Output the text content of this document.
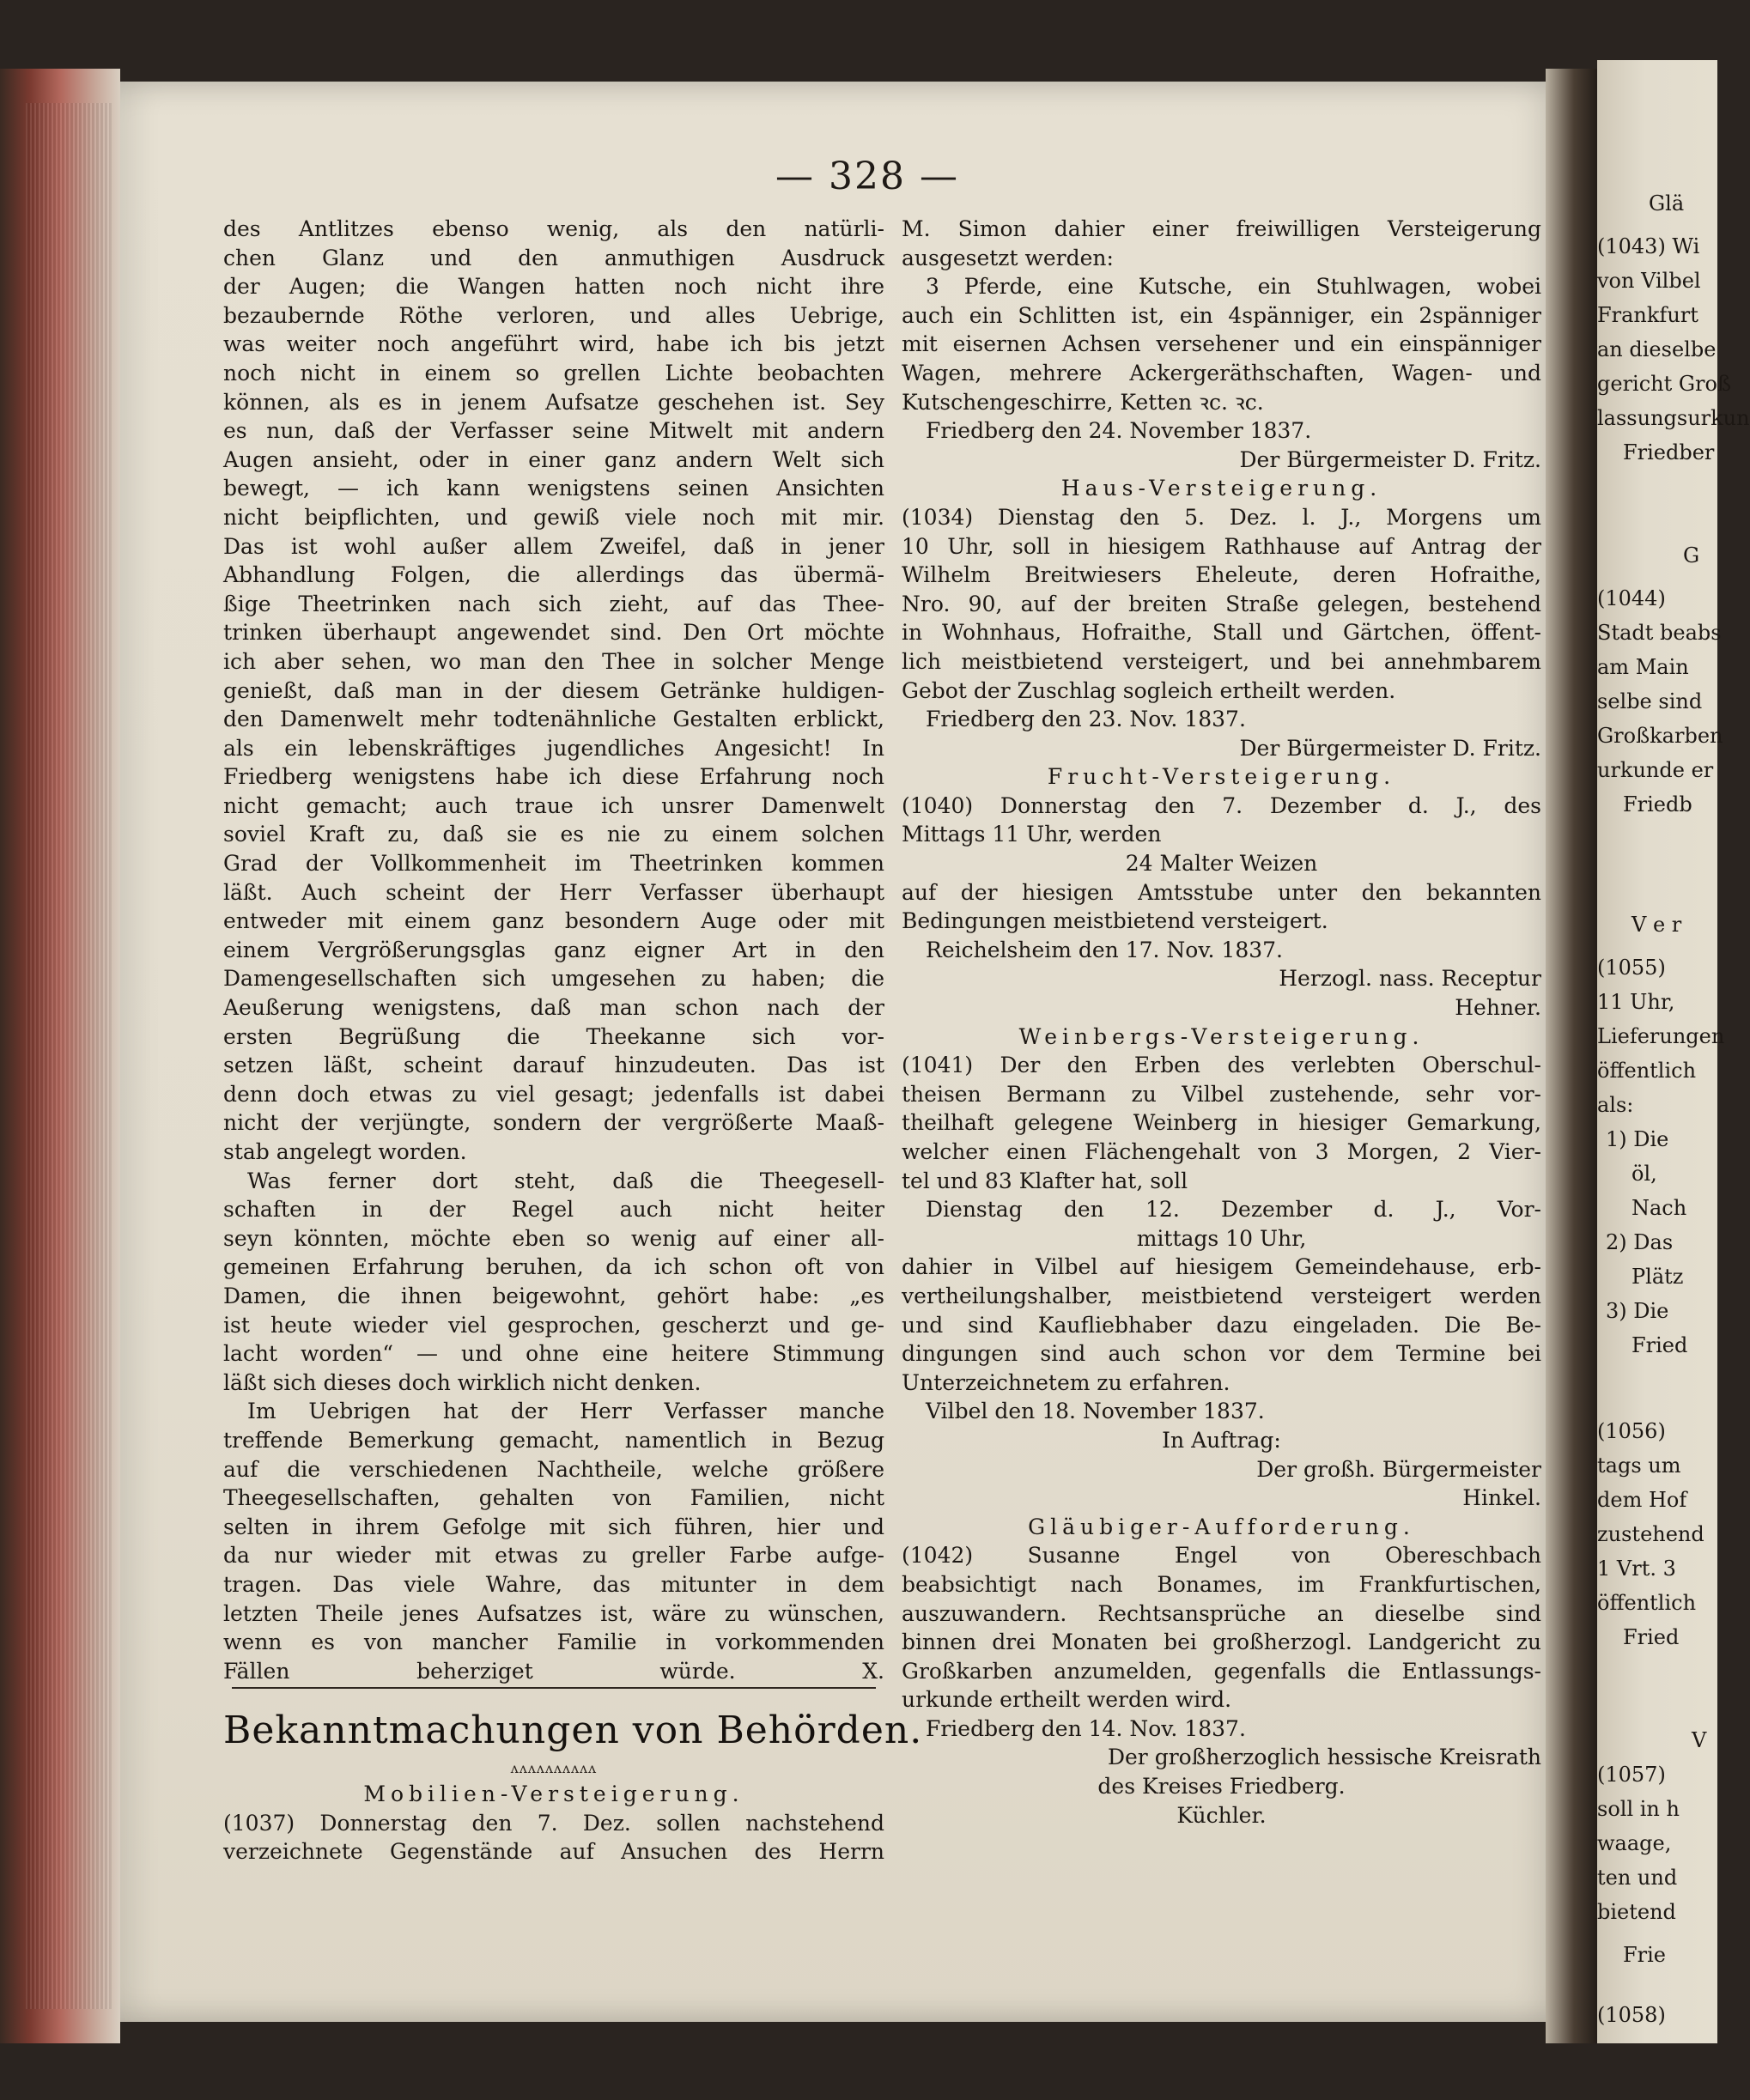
Glä
(1043) Wi
von Vilbel
Frankfurt
an dieselbe
gericht Groß
lassungsurkun
Friedber
G
(1044)
Stadt beabs
am Main
selbe sind
Großkarben
urkunde er
Friedb
V e r
(1055)
11 Uhr,
Lieferungen
öffentlich
als:
1) Die
öl,
Nach
2) Das
Plätz
3) Die
Fried
(1056)
tags um
dem Hof
zustehend
1 Vrt. 3
öffentlich
Fried
V
(1057)
soll in h
waage,
ten und
bietend
Frie
(1058)
— 328 —
des Antlitzes ebenso wenig, als den natürli-
chen Glanz und den anmuthigen Ausdruck
der Augen; die Wangen hatten noch nicht ihre
bezaubernde Röthe verloren, und alles Uebrige,
was weiter noch angeführt wird, habe ich bis jetzt
noch nicht in einem so grellen Lichte beobachten
können, als es in jenem Aufsatze geschehen ist. Sey
es nun, daß der Verfasser seine Mitwelt mit andern
Augen ansieht, oder in einer ganz andern Welt sich
bewegt, — ich kann wenigstens seinen Ansichten
nicht beipflichten, und gewiß viele noch mit mir.
Das ist wohl außer allem Zweifel, daß in jener
Abhandlung Folgen, die allerdings das übermä-
ßige Theetrinken nach sich zieht, auf das Thee-
trinken überhaupt angewendet sind. Den Ort möchte
ich aber sehen, wo man den Thee in solcher Menge
genießt, daß man in der diesem Getränke huldigen-
den Damenwelt mehr todtenähnliche Gestalten erblickt,
als ein lebenskräftiges jugendliches Angesicht! In
Friedberg wenigstens habe ich diese Erfahrung noch
nicht gemacht; auch traue ich unsrer Damenwelt
soviel Kraft zu, daß sie es nie zu einem solchen
Grad der Vollkommenheit im Theetrinken kommen
läßt. Auch scheint der Herr Verfasser überhaupt
entweder mit einem ganz besondern Auge oder mit
einem Vergrößerungsglas ganz eigner Art in den
Damengesellschaften sich umgesehen zu haben; die
Aeußerung wenigstens, daß man schon nach der
ersten Begrüßung die Theekanne sich vor-
setzen läßt, scheint darauf hinzudeuten. Das ist
denn doch etwas zu viel gesagt; jedenfalls ist dabei
nicht der verjüngte, sondern der vergrößerte Maaß-
stab angelegt worden.
Was ferner dort steht, daß die Theegesell-
schaften in der Regel auch nicht heiter
seyn könnten, möchte eben so wenig auf einer all-
gemeinen Erfahrung beruhen, da ich schon oft von
Damen, die ihnen beigewohnt, gehört habe: „es
ist heute wieder viel gesprochen, gescherzt und ge-
lacht worden“ — und ohne eine heitere Stimmung
läßt sich dieses doch wirklich nicht denken.
Im Uebrigen hat der Herr Verfasser manche
treffende Bemerkung gemacht, namentlich in Bezug
auf die verschiedenen Nachtheile, welche größere
Theegesellschaften, gehalten von Familien, nicht
selten in ihrem Gefolge mit sich führen, hier und
da nur wieder mit etwas zu greller Farbe aufge-
tragen. Das viele Wahre, das mitunter in dem
letzten Theile jenes Aufsatzes ist, wäre zu wünschen,
wenn es von mancher Familie in vorkommenden
Fällen beherziget würde. X.
Bekanntmachungen von Behörden.
ᴧᴧᴧᴧᴧᴧᴧᴧᴧᴧ
Mobilien-Versteigerung.
(1037) Donnerstag den 7. Dez. sollen nachstehend
verzeichnete Gegenstände auf Ansuchen des Herrn
M. Simon dahier einer freiwilligen Versteigerung
ausgesetzt werden:
3 Pferde, eine Kutsche, ein Stuhlwagen, wobei
auch ein Schlitten ist, ein 4spänniger, ein 2spänniger
mit eisernen Achsen versehener und ein einspänniger
Wagen, mehrere Ackergeräthschaften, Wagen- und
Kutschengeschirre, Ketten ꝛc. ꝛc.
Friedberg den 24. November 1837.
Der Bürgermeister D. Fritz.
Haus-Versteigerung.
(1034) Dienstag den 5. Dez. l. J., Morgens um
10 Uhr, soll in hiesigem Rathhause auf Antrag der
Wilhelm Breitwiesers Eheleute, deren Hofraithe,
Nro. 90, auf der breiten Straße gelegen, bestehend
in Wohnhaus, Hofraithe, Stall und Gärtchen, öffent-
lich meistbietend versteigert, und bei annehmbarem
Gebot der Zuschlag sogleich ertheilt werden.
Friedberg den 23. Nov. 1837.
Der Bürgermeister D. Fritz.
Frucht-Versteigerung.
(1040) Donnerstag den 7. Dezember d. J., des
Mittags 11 Uhr, werden
24 Malter Weizen
auf der hiesigen Amtsstube unter den bekannten
Bedingungen meistbietend versteigert.
Reichelsheim den 17. Nov. 1837.
Herzogl. nass. Receptur
Hehner.
Weinbergs-Versteigerung.
(1041) Der den Erben des verlebten Oberschul-
theisen Bermann zu Vilbel zustehende, sehr vor-
theilhaft gelegene Weinberg in hiesiger Gemarkung,
welcher einen Flächengehalt von 3 Morgen, 2 Vier-
tel und 83 Klafter hat, soll
Dienstag den 12. Dezember d. J., Vor-
mittags 10 Uhr,
dahier in Vilbel auf hiesigem Gemeindehause, erb-
vertheilungshalber, meistbietend versteigert werden
und sind Kaufliebhaber dazu eingeladen. Die Be-
dingungen sind auch schon vor dem Termine bei
Unterzeichnetem zu erfahren.
Vilbel den 18. November 1837.
In Auftrag:
Der großh. Bürgermeister
Hinkel.
Gläubiger-Aufforderung.
(1042) Susanne Engel von Obereschbach
beabsichtigt nach Bonames, im Frankfurtischen,
auszuwandern. Rechtsansprüche an dieselbe sind
binnen drei Monaten bei großherzogl. Landgericht zu
Großkarben anzumelden, gegenfalls die Entlassungs-
urkunde ertheilt werden wird.
Friedberg den 14. Nov. 1837.
Der großherzoglich hessische Kreisrath
des Kreises Friedberg.
Küchler.
